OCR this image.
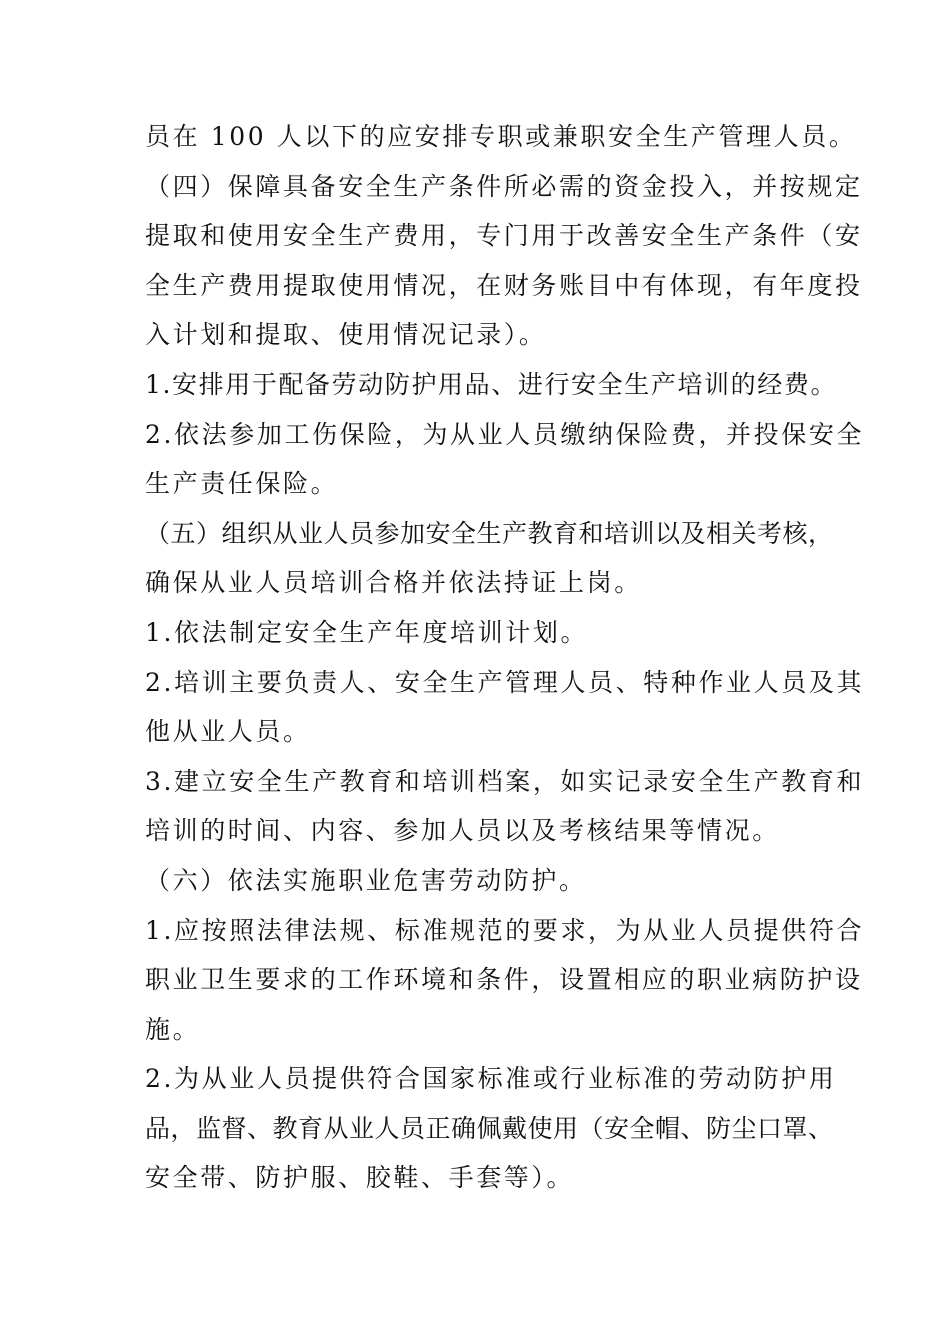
员在 100 人以下的应安排专职或兼职安全生产管理人员。
（四）保障具备安全生产条件所必需的资金投入，并按规定
提取和使用安全生产费用，专门用于改善安全生产条件（安
全生产费用提取使用情况，在财务账目中有体现，有年度投
入计划和提取、使用情况记录）。
1.安排用于配备劳动防护用品、进行安全生产培训的经费。
2.依法参加工伤保险，为从业人员缴纳保险费，并投保安全
生产责任保险。
（五）组织从业人员参加安全生产教育和培训以及相关考核，
确保从业人员培训合格并依法持证上岗。
1.依法制定安全生产年度培训计划。
2.培训主要负责人、安全生产管理人员、特种作业人员及其
他从业人员。
3.建立安全生产教育和培训档案，如实记录安全生产教育和
培训的时间、内容、参加人员以及考核结果等情况。
（六）依法实施职业危害劳动防护。
1.应按照法律法规、标准规范的要求，为从业人员提供符合
职业卫生要求的工作环境和条件，设置相应的职业病防护设
施。
2.为从业人员提供符合国家标准或行业标准的劳动防护用
品，监督、教育从业人员正确佩戴使用（安全帽、防尘口罩、
安全带、防护服、胶鞋、手套等）。
